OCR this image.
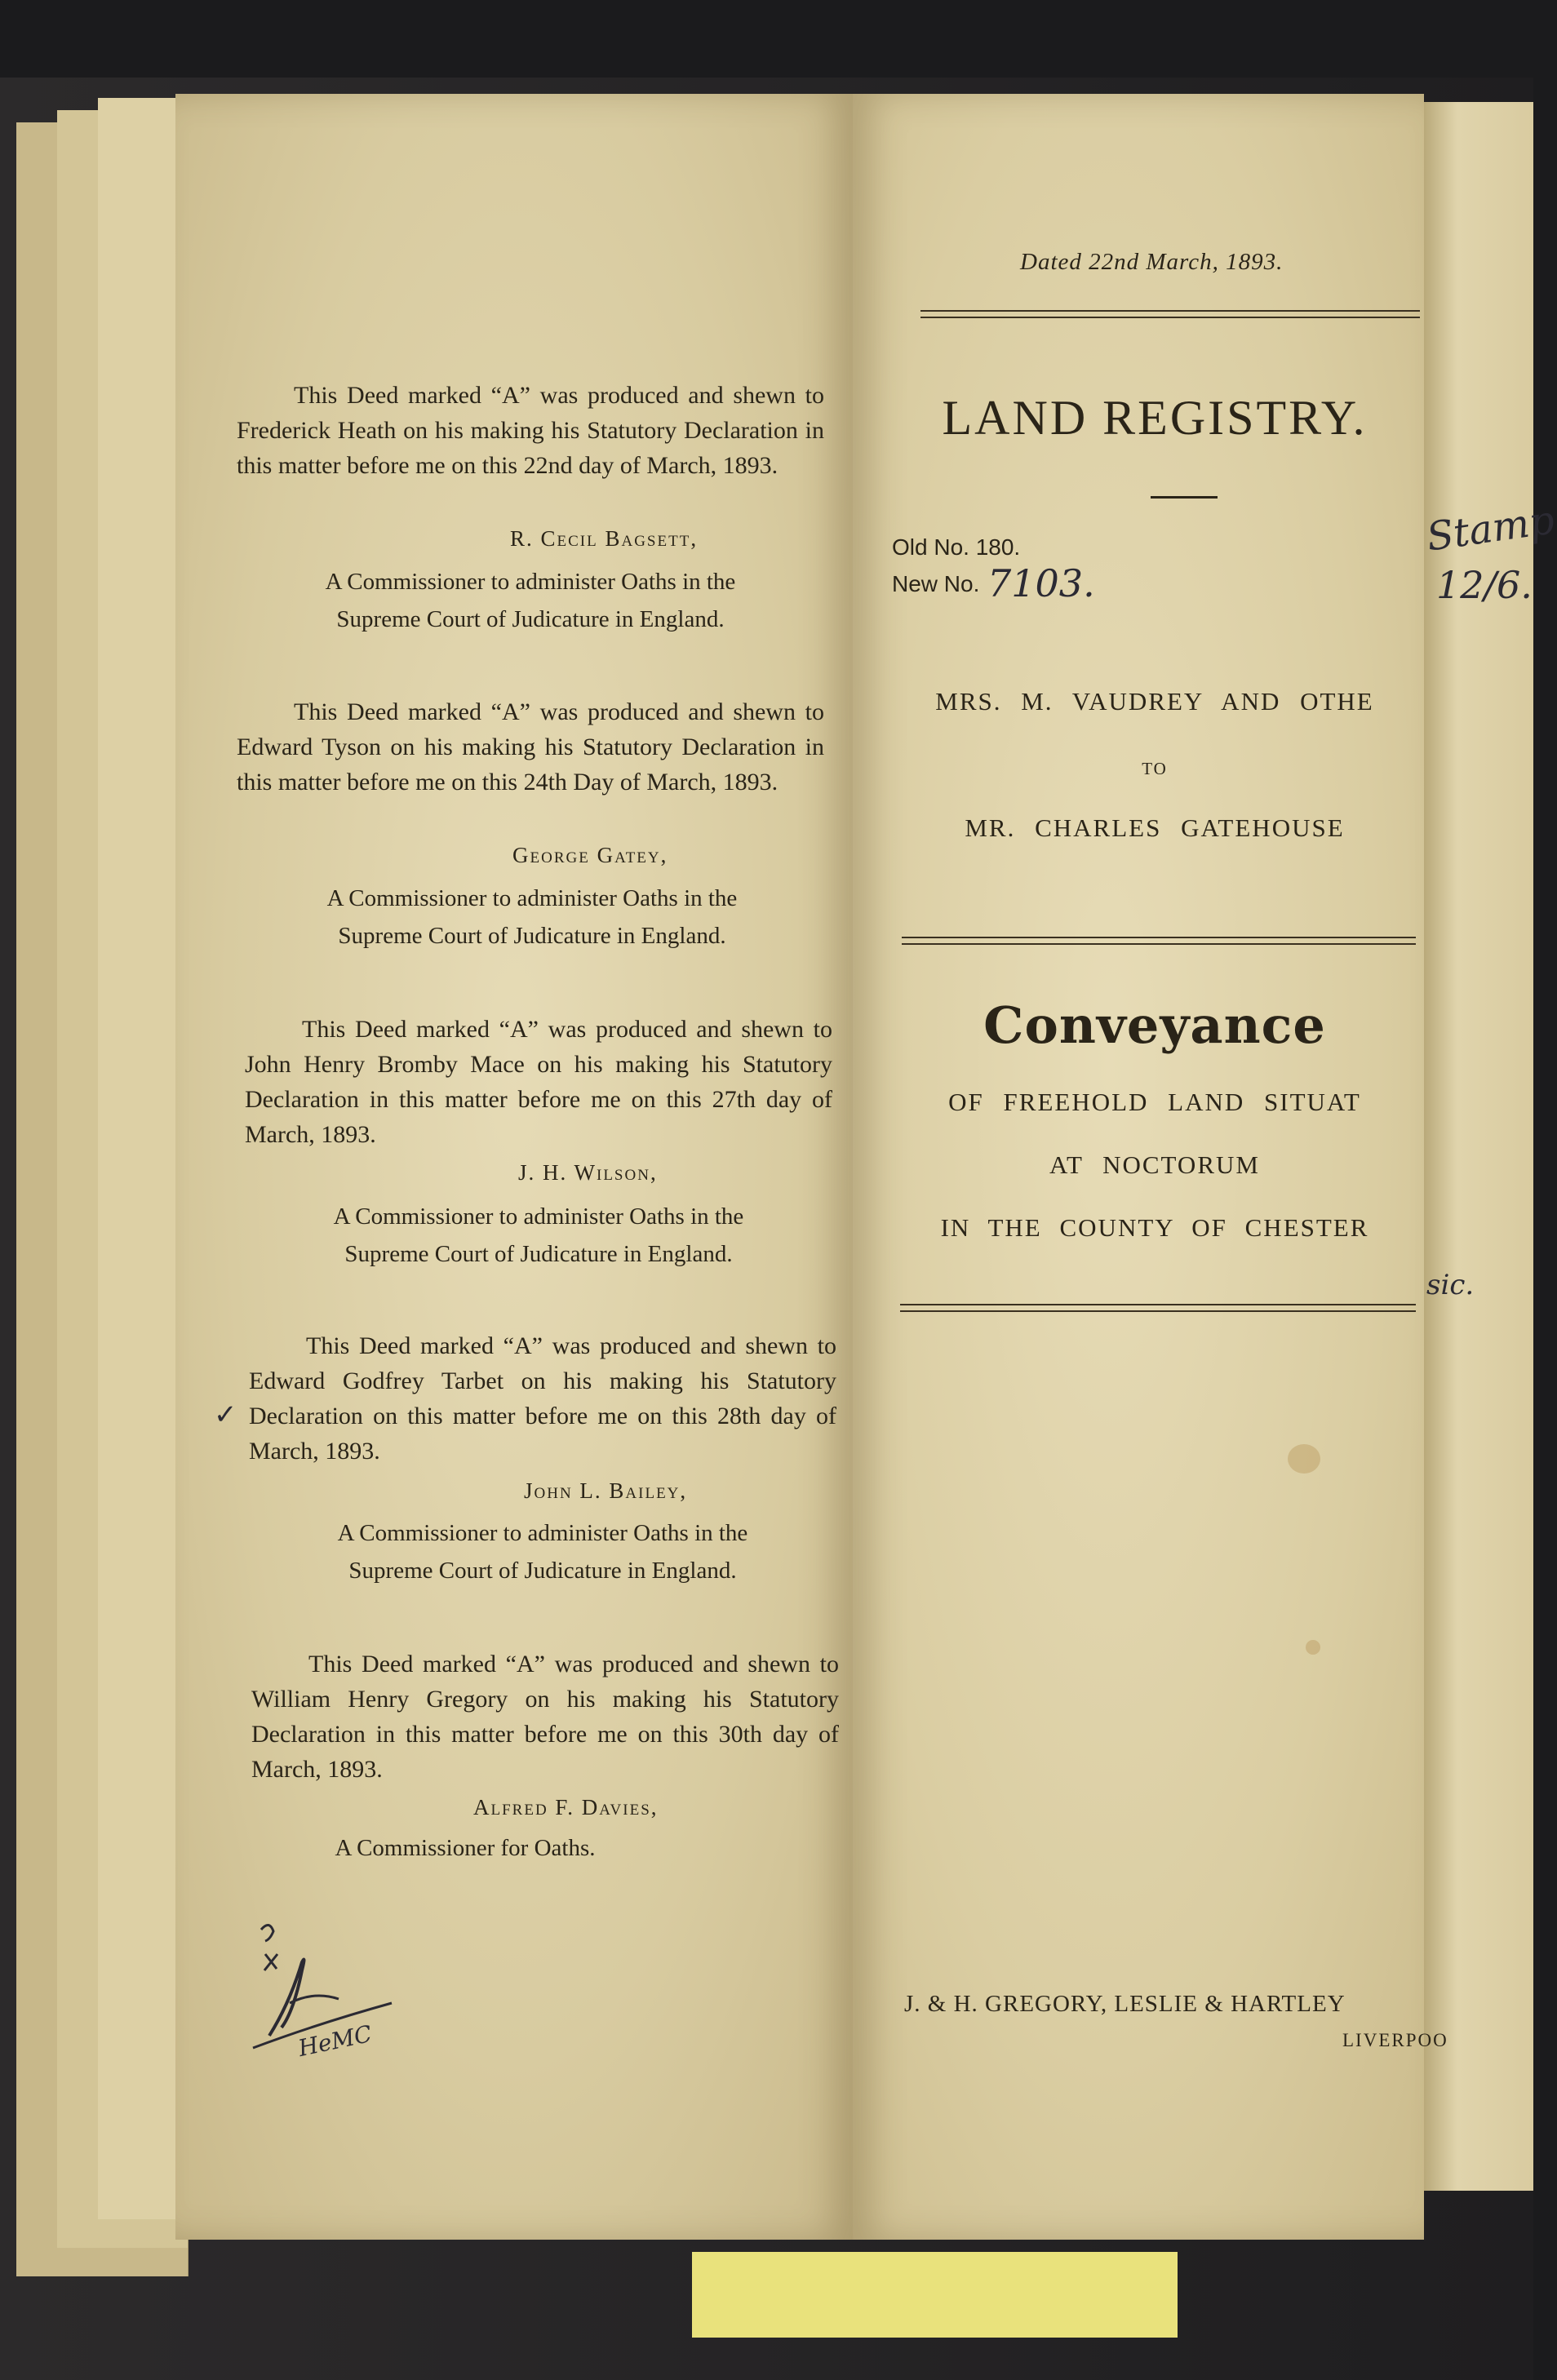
This Deed marked “A” was produced and shewn to Frederick Heath on his making his Statutory Declaration in this matter before me on this 22nd day of March, 1893.
R. Cecil Bagsett,
A Commissioner to administer Oaths in the
Supreme Court of Judicature in England.
This Deed marked “A” was produced and shewn to Edward Tyson on his making his Statutory Declaration in this matter before me on this 24th Day of March, 1893.
George Gatey,
A Commissioner to administer Oaths in the
Supreme Court of Judicature in England.
This Deed marked “A” was produced and shewn to John Henry Bromby Mace on his making his Statutory Declaration in this matter before me on this 27th day of March, 1893.
J. H. Wilson,
A Commissioner to administer Oaths in the
Supreme Court of Judicature in England.
This Deed marked “A” was produced and shewn to Edward Godfrey Tarbet on his making his Statutory Declaration on this matter before me on this 28th day of March, 1893.
John L. Bailey,
A Commissioner to administer Oaths in the
Supreme Court of Judicature in England.
This Deed marked “A” was produced and shewn to William Henry Gregory on his making his Statutory Declaration in this matter before me on this 30th day of March, 1893.
Alfred F. Davies,
A Commissioner for Oaths.
✓
HeMC
Dated 22nd March, 1893.
LAND REGISTRY.
Old No. 180.
New No. 7103.
MRS. M. VAUDREY AND OTHE
TO
MR. CHARLES GATEHOUSE
Conveyance
OF FREEHOLD LAND SITUAT
AT NOCTORUM
IN THE COUNTY OF CHESTER
J. & H. GREGORY, LESLIE & HARTLEY
LIVERPOO
Stamp
12/6.
sic.
